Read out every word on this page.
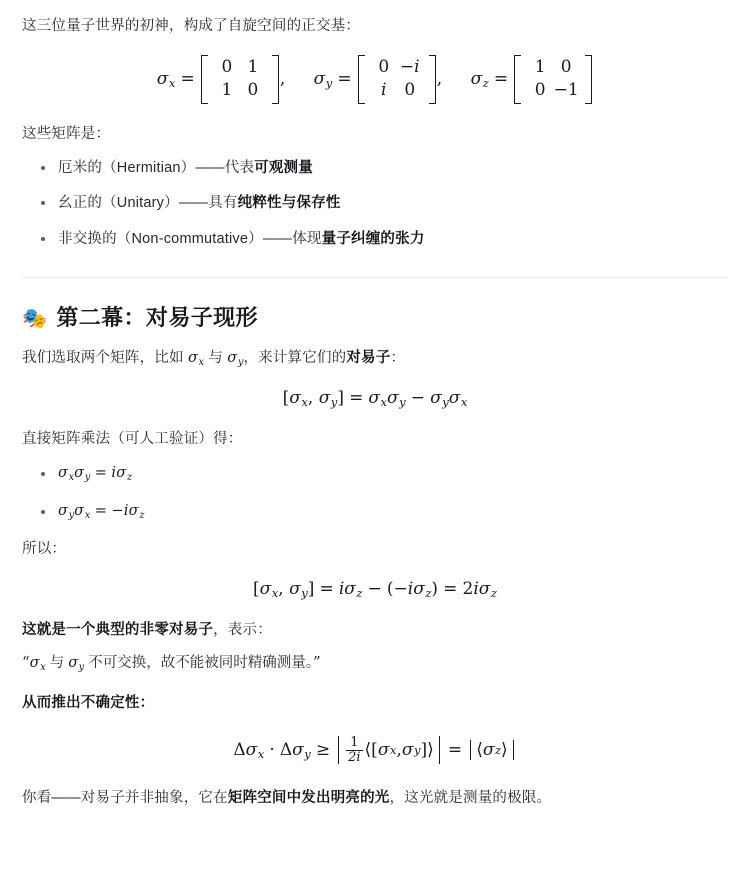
这三位量子世界的初神，构成了自旋空间的正交基：

$\sigma_x$ =
0 1
1 0
, $\sigma_y$ =
0 −i
i	0
, $\sigma_z$ =
1 0
0 −1

这些矩阵是：

厄米的（Hermitian）——代表可观测量
幺正的（Unitary）——具有纯粹性与保存性
非交换的（Non-commutative）——体现量子纠缠的张力
🎭 第二幕：对易子现形

我们选取两个矩阵，比如 $\sigma_x$ 与 $\sigma_y$，来计算它们的对易子：

[$\sigma_x$, $\sigma_y] = \sigma_x\sigma_y - \sigma_y\sigma_x$

直接矩阵乘法（可人工验证）得：

$\sigma_x\sigma_y = i\sigma_z$
$\sigma_y\sigma_x = -i\sigma_z$

所以：

[$\sigma_x$, $\sigma_y] = i\sigma_z - (-i\sigma_z) = 2i\sigma_z$

这就是一个典型的非零对易子，表示：

“$\sigma_x$ 与 $\sigma_y$ 不可交换，故不能被同时精确测量。”

从而推出不确定性：

$\Delta\sigma_x \cdot \Delta\sigma_y \ge \frac{1}{2i}$ ⟨ [ σ x , σ y ] ⟩ = ⟨ σ z ⟩

你看——对易子并非抽象，它在矩阵空间中发出明亮的光，这光就是测量的极限。
